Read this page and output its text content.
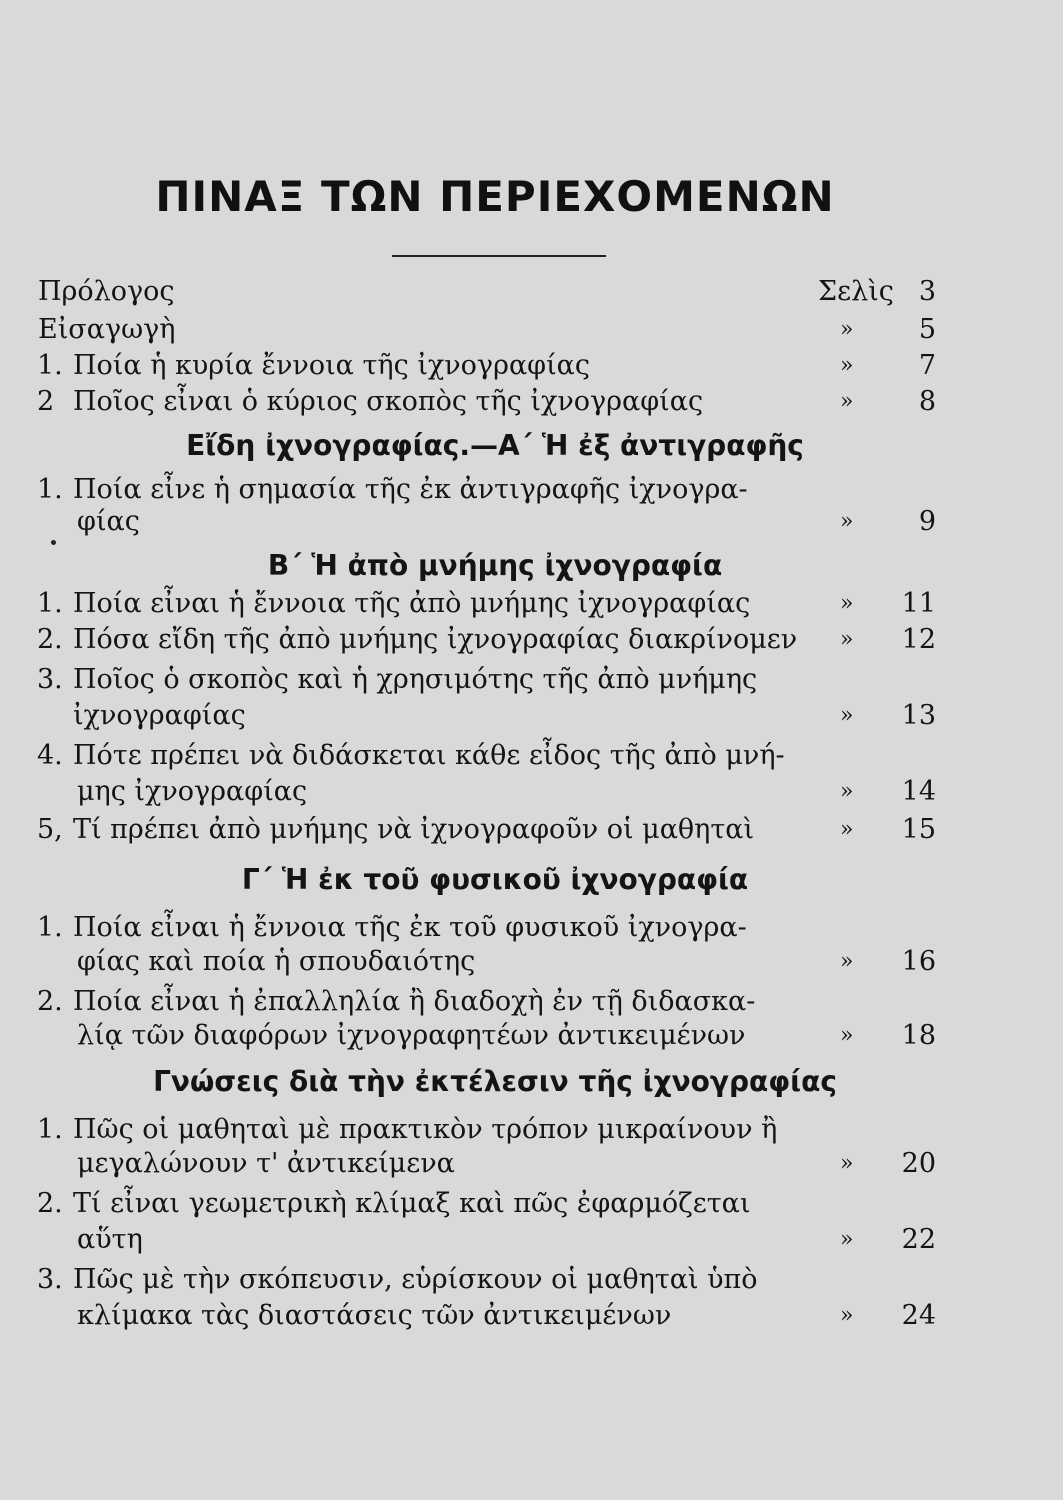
ΠΙΝΑΞ ΤΩΝ ΠΕΡΙΕΧΟΜΕΝΩΝ
Πρόλογος	Σελὶς 3
Εἰσαγωγὴ	»	5
1. Ποία ἡ κυρία ἔννοια τῆς ἰχνογραφίας	»	7
2 Ποῖος εἶναι ὁ κύριος σκοπὸς τῆς ἰχνογραφίας	»	8
Εἴδη ἰχνογραφίας.—Α΄ Ἡ ἐξ ἀντιγραφῆς
1. Ποία εἶνε ἡ σημασία τῆς ἐκ ἀντιγραφῆς ἰχνογρα-
φίας	»	9
Β΄ Ἡ ἀπὸ μνήμης ἰχνογραφία
1. Ποία εἶναι ἡ ἔννοια τῆς ἀπὸ μνήμης ἰχνογραφίας	»	11
2. Πόσα εἴδη τῆς ἀπὸ μνήμης ἰχνογραφίας διακρίνομεν »	12
3. Ποῖος ὁ σκοπὸς καὶ ἡ χρησιμότης τῆς ἀπὸ μνήμης
ἰχνογραφίας	»	13
4. Πότε πρέπει νὰ διδάσκεται κάθε εἶδος τῆς ἀπὸ μνή-
μης ἰχνογραφίας	»	14
5, Τί πρέπει ἀπὸ μνήμης νὰ ἰχνογραφοῦν οἱ μαθηταὶ	»	15
Γ΄ Ἡ ἐκ τοῦ φυσικοῦ ἰχνογραφία
1. Ποία εἶναι ἡ ἔννοια τῆς ἐκ τοῦ φυσικοῦ ἰχνογρα-
φίας καὶ ποία ἡ σπουδαιότης	»	16
2. Ποία εἶναι ἡ ἐπαλληλία ἢ διαδοχὴ ἐν τῇ διδασκα-
λίᾳ τῶν διαφόρων ἰχνογραφητέων ἀντικειμένων	»	18
Γνώσεις διὰ τὴν ἐκτέλεσιν τῆς ἰχνογραφίας
1. Πῶς οἱ μαθηταὶ μὲ πρακτικὸν τρόπον μικραίνουν ἢ
μεγαλώνουν τ' ἀντικείμενα	»	20
2. Τί εἶναι γεωμετρικὴ κλίμαξ καὶ πῶς ἐφαρμόζεται
αὕτη	»	22
3. Πῶς μὲ τὴν σκόπευσιν, εὑρίσκουν οἱ μαθηταὶ ὑπὸ
κλίμακα τὰς διαστάσεις τῶν ἀντικειμένων	»	24
